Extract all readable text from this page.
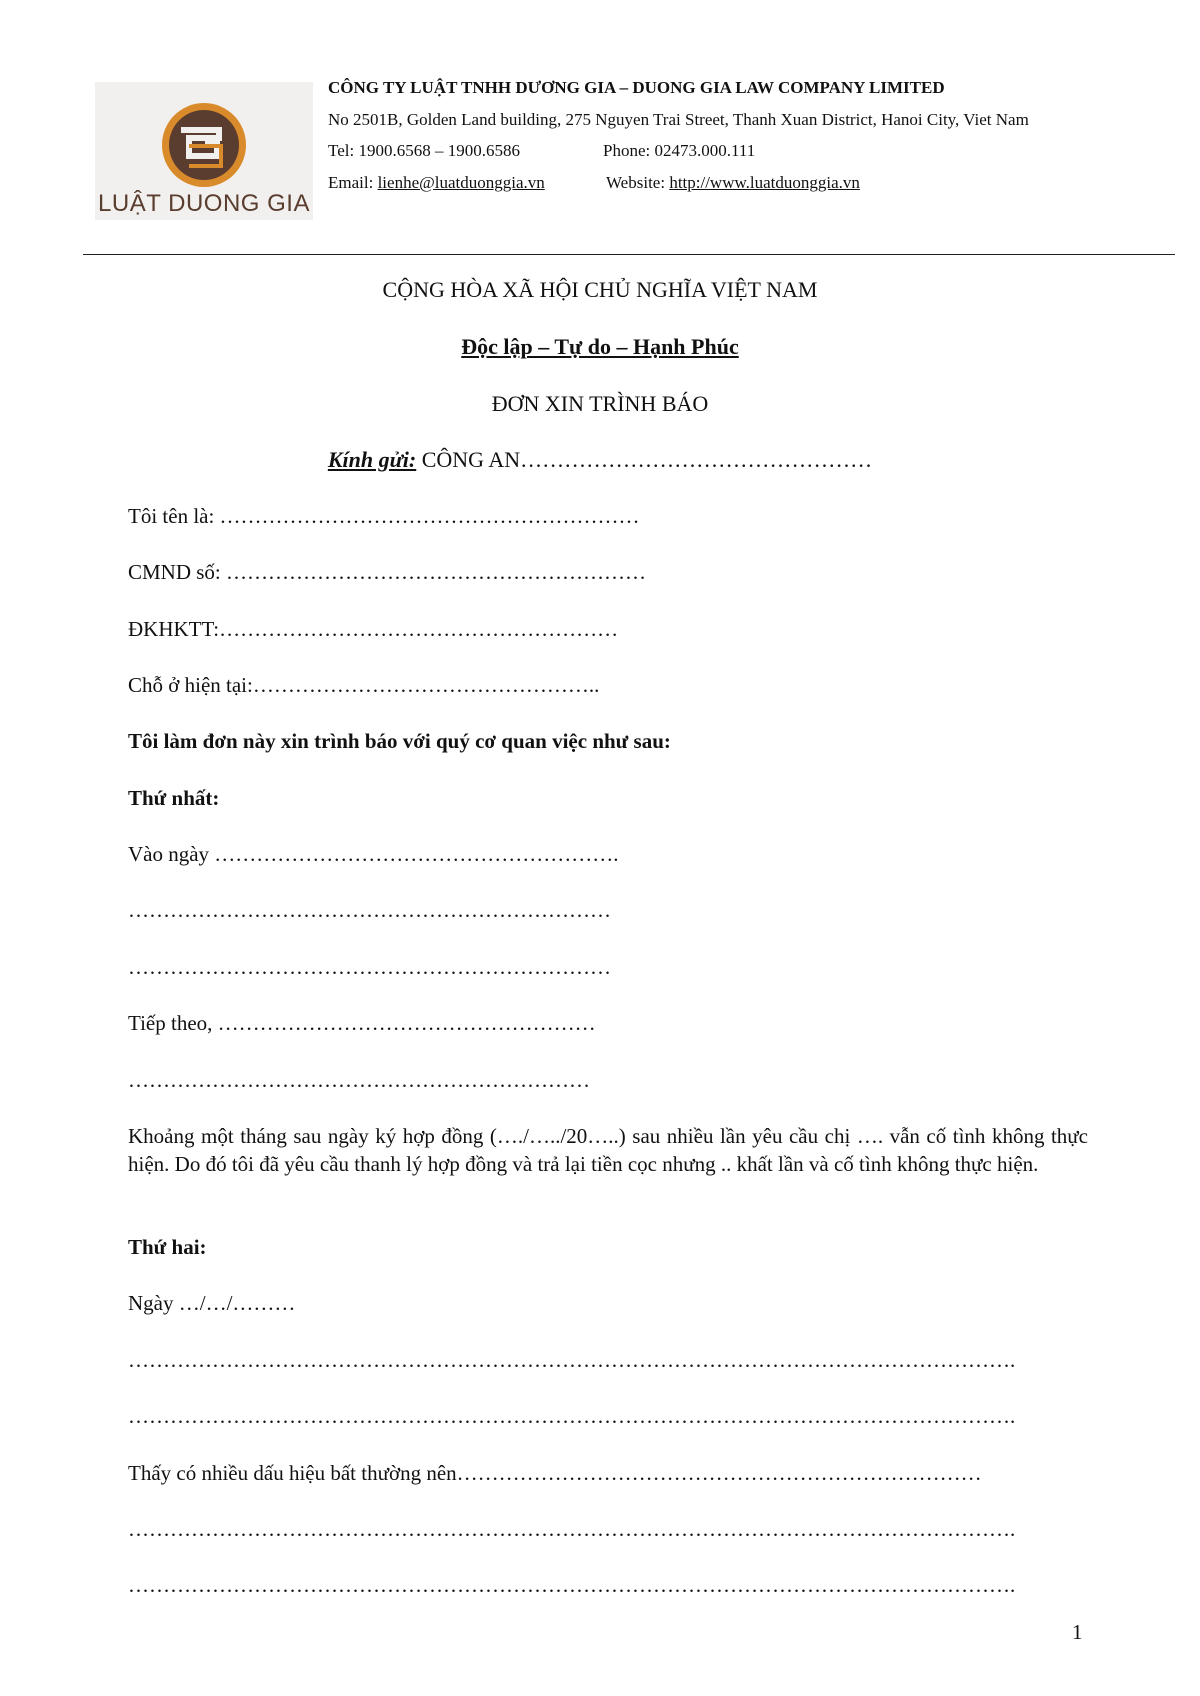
LUẬT DUONG GIA
CÔNG TY LUẬT TNHH DƯƠNG GIA – DUONG GIA LAW COMPANY LIMITED
No 2501B, Golden Land building, 275 Nguyen Trai Street, Thanh Xuan District, Hanoi City, Viet Nam
Tel: 1900.6568 – 1900.6586	Phone: 02473.000.111
Email: lienhe@luatduonggia.vn	Website: http://www.luatduonggia.vn
CỘNG HÒA XÃ HỘI CHỦ NGHĨA VIỆT NAM
Độc lập – Tự do – Hạnh Phúc
ĐƠN XIN TRÌNH BÁO
Kính gửi: CÔNG AN…………………………………………
Tôi tên là: ……………………………………………………
CMND số: ……………………………………………………
ĐKHKTT:…………………………………………………
Chỗ ở hiện tại:…………………………………………..
Tôi làm đơn này xin trình báo với quý cơ quan việc như sau:
Thứ nhất:
Vào ngày ………………………………………………….
……………………………………………………………
……………………………………………………………
Tiếp theo, ………………………………………………
…………………………………………………………
Khoảng một tháng sau ngày ký hợp đồng (…./…../20…..) sau nhiều lần yêu cầu chị …. vẫn cố tình không thực hiện. Do đó tôi đã yêu cầu thanh lý hợp đồng và trả lại tiền cọc nhưng .. khất lần và cố tình không thực hiện.
Thứ hai:
Ngày …/…/………
……………………………………………………………………………………………………………….
……………………………………………………………………………………………………………….
Thấy có nhiều dấu hiệu bất thường nên…………………………………………………………………
……………………………………………………………………………………………………………….
……………………………………………………………………………………………………………….
1
